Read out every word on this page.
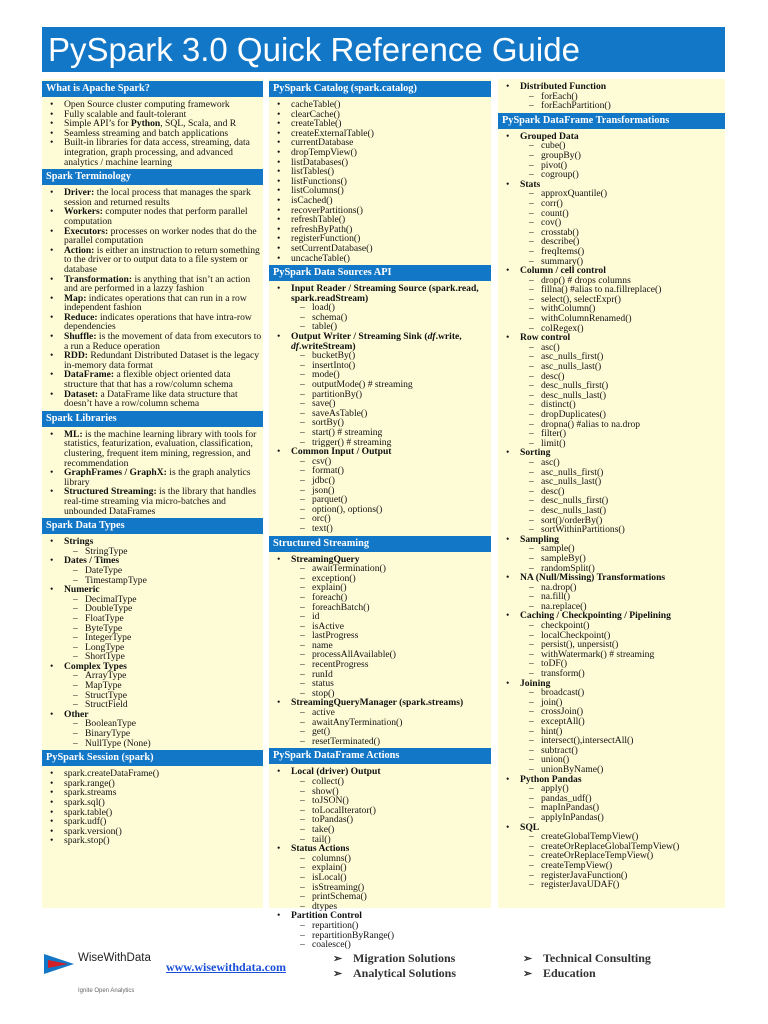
PySpark 3.0 Quick Reference Guide
What is Apache Spark?
• Open Source cluster computing framework
• Fully scalable and fault-tolerant
• Simple API’s for Python, SQL, Scala, and R
• Seamless streaming and batch applications
• Built-in libraries for data access, streaming, data integration, graph processing, and advanced analytics / machine learning
Spark Terminology
• Driver: the local process that manages the spark session and returned results
• Workers: computer nodes that perform parallel computation
• Executors: processes on worker nodes that do the parallel computation
• Action: is either an instruction to return something to the driver or to output data to a file system or database
• Transformation: is anything that isn’t an action and are performed in a lazzy fashion
• Map: indicates operations that can run in a row independent fashion
• Reduce: indicates operations that have intra-row dependencies
• Shuffle: is the movement of data from executors to a run a Reduce operation
• RDD: Redundant Distributed Dataset is the legacy in-memory data format
• DataFrame: a flexible object oriented data structure that that has a row/column schema
• Dataset: a DataFrame like data structure that doesn’t have a row/column schema
Spark Libraries
• ML: is the machine learning library with tools for statistics, featurization, evaluation, classification, clustering, frequent item mining, regression, and recommendation
• GraphFrames / GraphX: is the graph analytics library
• Structured Streaming: is the library that handles real-time streaming via micro-batches and unbounded DataFrames
Spark Data Types
• Strings
– StringType
• Dates / Times
– DateType
– TimestampType
• Numeric
– DecimalType
– DoubleType
– FloatType
– ByteType
– IntegerType
– LongType
– ShortType
• Complex Types
– ArrayType
– MapType
– StructType
– StructField
• Other
– BooleanType
– BinaryType
– NullType (None)
PySpark Session (spark)
• spark.createDataFrame()
• spark.range()
• spark.streams
• spark.sql()
• spark.table()
• spark.udf()
• spark.version()
• spark.stop()
PySpark Catalog (spark.catalog)
• cacheTable()
• clearCache()
• createTable()
• createExternalTable()
• currentDatabase
• dropTempView()
• listDatabases()
• listTables()
• listFunctions()
• listColumns()
• isCached()
• recoverPartitions()
• refreshTable()
• refreshByPath()
• registerFunction()
• setCurrentDatabase()
• uncacheTable()
PySpark Data Sources API
• Input Reader / Streaming Source (spark.read, spark.readStream)
– load()
– schema()
– table()
• Output Writer / Streaming Sink (df.write, df.writeStream)
– bucketBy()
– insertInto()
– mode()
– outputMode() # streaming
– partitionBy()
– save()
– saveAsTable()
– sortBy()
– start() # streaming
– trigger() # streaming
• Common Input / Output
– csv()
– format()
– jdbc()
– json()
– parquet()
– option(), options()
– orc()
– text()
Structured Streaming
• StreamingQuery
– awaitTermination()
– exception()
– explain()
– foreach()
– foreachBatch()
– id
– isActive
– lastProgress
– name
– processAllAvailable()
– recentProgress
– runId
– status
– stop()
• StreamingQueryManager (spark.streams)
– active
– awaitAnyTermination()
– get()
– resetTerminated()
PySpark DataFrame Actions
• Local (driver) Output
– collect()
– show()
– toJSON()
– toLocalIterator()
– toPandas()
– take()
– tail()
• Status Actions
– columns()
– explain()
– isLocal()
– isStreaming()
– printSchema()
– dtypes
• Partition Control
– repartition()
– repartitionByRange()
– coalesce()
• Distributed Function
– forEach()
– forEachPartition()
PySpark DataFrame Transformations
• Grouped Data
– cube()
– groupBy()
– pivot()
– cogroup()
• Stats
– approxQuantile()
– corr()
– count()
– cov()
– crosstab()
– describe()
– freqItems()
– summary()
• Column / cell control
– drop() # drops columns
– fillna() #alias to na.fillreplace()
– select(), selectExpr()
– withColumn()
– withColumnRenamed()
– colRegex()
• Row control
– asc()
– asc_nulls_first()
– asc_nulls_last()
– desc()
– desc_nulls_first()
– desc_nulls_last()
– distinct()
– dropDuplicates()
– dropna() #alias to na.drop
– filter()
– limit()
• Sorting
– asc()
– asc_nulls_first()
– asc_nulls_last()
– desc()
– desc_nulls_first()
– desc_nulls_last()
– sort()/orderBy()
– sortWithinPartitions()
• Sampling
– sample()
– sampleBy()
– randomSplit()
• NA (Null/Missing) Transformations
– na.drop()
– na.fill()
– na.replace()
• Caching / Checkpointing / Pipelining
– checkpoint()
– localCheckpoint()
– persist(), unpersist()
– withWatermark() # streaming
– toDF()
– transform()
• Joining
– broadcast()
– join()
– crossJoin()
– exceptAll()
– hint()
– intersect(),intersectAll()
– subtract()
– union()
– unionByName()
• Python Pandas
– apply()
– pandas_udf()
– mapInPandas()
– applyInPandas()
• SQL
– createGlobalTempView()
– createOrReplaceGlobalTempView()
– createOrReplaceTempView()
– createTempView()
– registerJavaFunction()
– registerJavaUDAF()
WiseWithData
Ignite Open Analytics
www.wisewithdata.com
➢ Migration Solutions
➢ Analytical Solutions
➢ Technical Consulting
➢ Education
